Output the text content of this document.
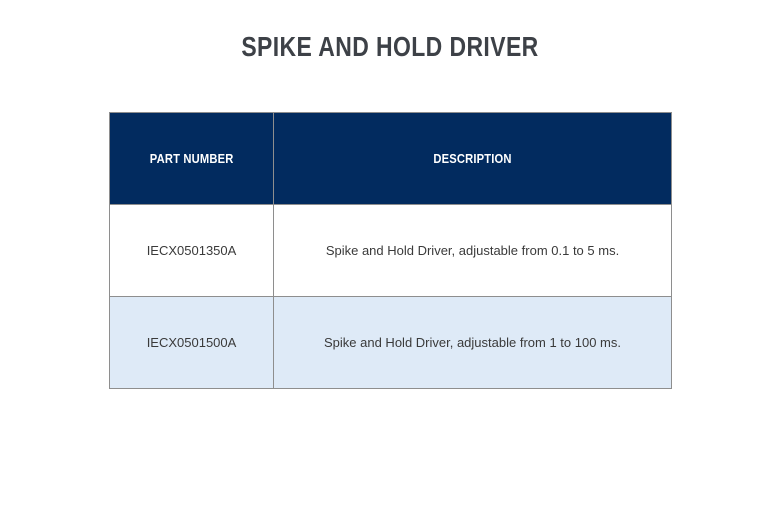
SPIKE AND HOLD DRIVER
PART NUMBER	DESCRIPTION
IECX0501350A	Spike and Hold Driver, adjustable from 0.1 to 5 ms.
IECX0501500A	Spike and Hold Driver, adjustable from 1 to 100 ms.
